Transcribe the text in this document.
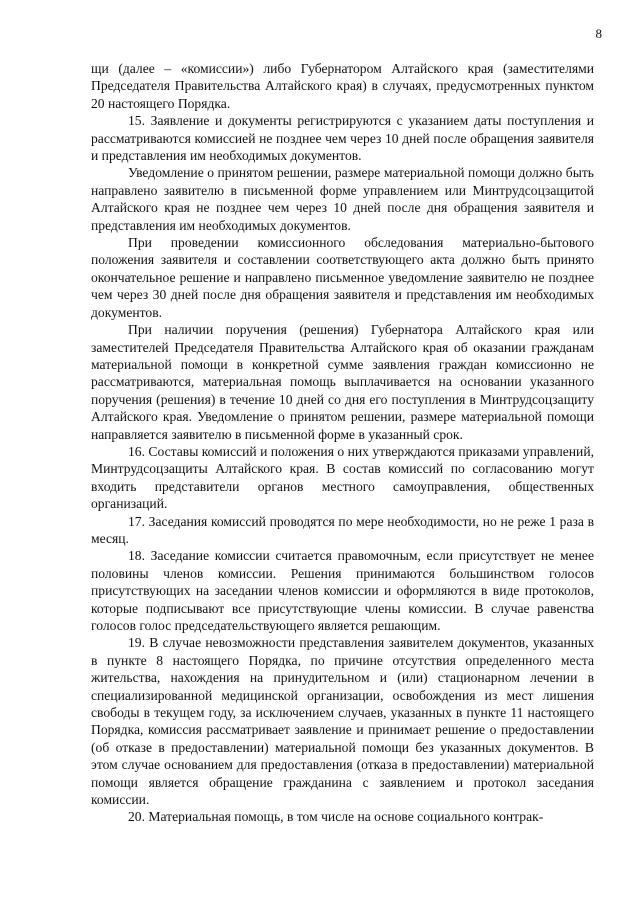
8

щи (далее – «комиссии») либо Губернатором Алтайского края (заместителями Председателя Правительства Алтайского края) в случаях, предусмотренных пунктом 20 настоящего Порядка.

15. Заявление и документы регистрируются с указанием даты поступления и рассматриваются комиссией не позднее чем через 10 дней после обращения заявителя и представления им необходимых документов.

Уведомление о принятом решении, размере материальной помощи должно быть направлено заявителю в письменной форме управлением или Минтрудсоцзащитой Алтайского края не позднее чем через 10 дней после дня обращения заявителя и представления им необходимых документов.

При проведении комиссионного обследования материально-бытового положения заявителя и составлении соответствующего акта должно быть принято окончательное решение и направлено письменное уведомление заявителю не позднее чем через 30 дней после дня обращения заявителя и представления им необходимых документов.

При наличии поручения (решения) Губернатора Алтайского края или заместителей Председателя Правительства Алтайского края об оказании гражданам материальной помощи в конкретной сумме заявления граждан комиссионно не рассматриваются, материальная помощь выплачивается на основании указанного поручения (решения) в течение 10 дней со дня его поступления в Минтрудсоцзащиту Алтайского края. Уведомление о принятом решении, размере материальной помощи направляется заявителю в письменной форме в указанный срок.

16. Составы комиссий и положения о них утверждаются приказами управлений, Минтрудсоцзащиты Алтайского края. В состав комиссий по согласованию могут входить представители органов местного самоуправления, общественных организаций.

17. Заседания комиссий проводятся по мере необходимости, но не реже 1 раза в месяц.

18. Заседание комиссии считается правомочным, если присутствует не менее половины членов комиссии. Решения принимаются большинством голосов присутствующих на заседании членов комиссии и оформляются в виде протоколов, которые подписывают все присутствующие члены комиссии. В случае равенства голосов голос председательствующего является решающим.

19. В случае невозможности представления заявителем документов, указанных в пункте 8 настоящего Порядка, по причине отсутствия определенного места жительства, нахождения на принудительном и (или) стационарном лечении в специализированной медицинской организации, освобождения из мест лишения свободы в текущем году, за исключением случаев, указанных в пункте 11 настоящего Порядка, комиссия рассматривает заявление и принимает решение о предоставлении (об отказе в предоставлении) материальной помощи без указанных документов. В этом случае основанием для предоставления (отказа в предоставлении) материальной помощи является обращение гражданина с заявлением и протокол заседания комиссии.

20. Материальная помощь, в том числе на основе социального контрак-
